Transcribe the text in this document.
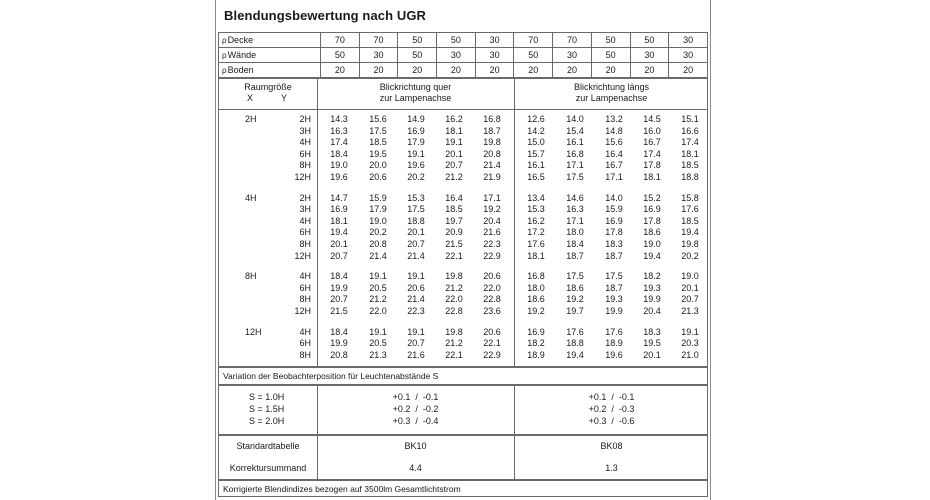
Blendungsbewertung nach UGR
ρDecke	70	70	50	50	30	70	70	50	50	30
ρWände	50	30	50	30	30	50	30	50	30	30
ρBoden	20	20	20	20	20	20	20	20	20	20
Raumgröße
X	Y
Blickrichtung quer
zur Lampenachse
Blickrichtung längs
zur Lampenachse
2H	2H	14.3	15.6	14.9	16.2	16.8	12.6	14.0	13.2	14.5	15.1
3H	16.3	17.5	16.9	18.1	18.7	14.2	15.4	14.8	16.0	16.6
4H	17.4	18.5	17.9	19.1	19.8	15.0	16.1	15.6	16.7	17.4
6H	18.4	19.5	19.1	20.1	20.8	15.7	16.8	16.4	17.4	18.1
8H	19.0	20.0	19.6	20.7	21.4	16.1	17.1	16.7	17.8	18.5
12H	19.6	20.6	20.2	21.2	21.9	16.5	17.5	17.1	18.1	18.8
4H	2H	14.7	15.9	15.3	16.4	17.1	13.4	14.6	14.0	15.2	15.8
3H	16.9	17.9	17.5	18.5	19.2	15.3	16.3	15.9	16.9	17.6
4H	18.1	19.0	18.8	19.7	20.4	16.2	17.1	16.9	17.8	18.5
6H	19.4	20.2	20.1	20.9	21.6	17.2	18.0	17.8	18.6	19.4
8H	20.1	20.8	20.7	21.5	22.3	17.6	18.4	18.3	19.0	19.8
12H	20.7	21.4	21.4	22.1	22.9	18.1	18.7	18.7	19.4	20.2
8H	4H	18.4	19.1	19.1	19.8	20.6	16.8	17.5	17.5	18.2	19.0
6H	19.9	20.5	20.6	21.2	22.0	18.0	18.6	18.7	19.3	20.1
8H	20.7	21.2	21.4	22.0	22.8	18.6	19.2	19.3	19.9	20.7
12H	21.5	22.0	22.3	22.8	23.6	19.2	19.7	19.9	20.4	21.3
12H	4H	18.4	19.1	19.1	19.8	20.6	16.9	17.6	17.6	18.3	19.1
6H	19.9	20.5	20.7	21.2	22.1	18.2	18.8	18.9	19.5	20.3
8H	20.8	21.3	21.6	22.1	22.9	18.9	19.4	19.6	20.1	21.0
Variation der Beobachterposition für Leuchtenabstände S
S = 1.0H	+0.1  /  -0.1	+0.1  /  -0.1
S = 1.5H	+0.2  /  -0.2	+0.2  /  -0.3
S = 2.0H	+0.3  /  -0.4	+0.3  /  -0.6
Standardtabelle	BK10	BK08
Korrektursummand	4.4	1.3
Korrigierte Blendindizes bezogen auf 3500lm Gesamtlichtstrom
